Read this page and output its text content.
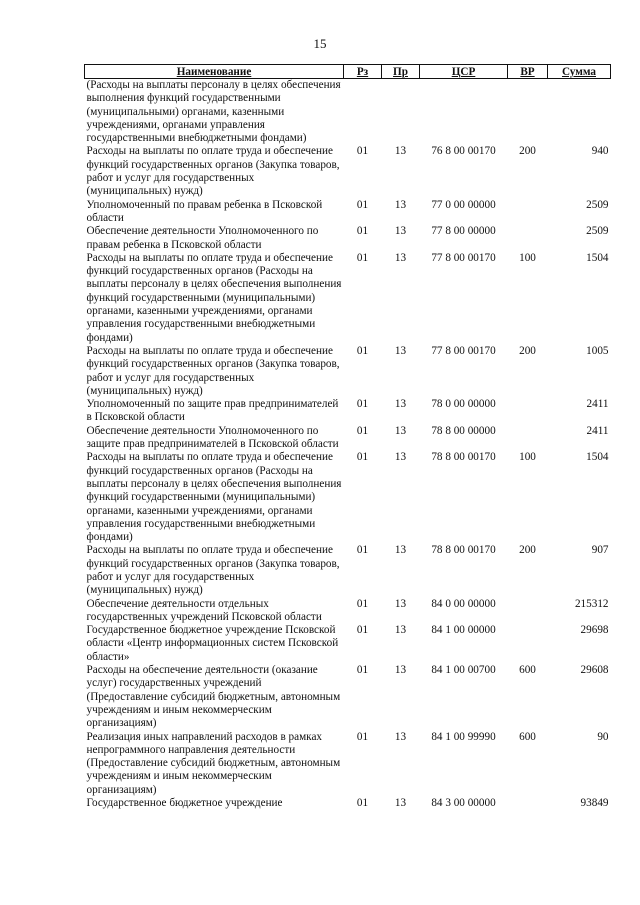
15
Наименование	Рз	Пр	ЦСР	ВР	Сумма
(Расходы на выплаты персоналу в целях обеспечения выполнения функций государственными (муниципальными) органами, казенными учреждениями, органами управления государственными внебюджетными фондами)					
Расходы на выплаты по оплате труда и обеспечение функций государственных органов (Закупка товаров, работ и услуг для государственных (муниципальных) нужд)	01	13	76 8 00 00170	200	940
Уполномоченный по правам ребенка в Псковской области	01	13	77 0 00 00000		2509
Обеспечение деятельности Уполномоченного по правам ребенка в Псковской области	01	13	77 8 00 00000		2509
Расходы на выплаты по оплате труда и обеспечение функций государственных органов (Расходы на выплаты персоналу в целях обеспечения выполнения функций государственными (муниципальными) органами, казенными учреждениями, органами управления государственными внебюджетными фондами)	01	13	77 8 00 00170	100	1504
Расходы на выплаты по оплате труда и обеспечение функций государственных органов (Закупка товаров, работ и услуг для государственных (муниципальных) нужд)	01	13	77 8 00 00170	200	1005
Уполномоченный по защите прав предпринимателей в Псковской области	01	13	78 0 00 00000		2411
Обеспечение деятельности Уполномоченного по защите прав предпринимателей в Псковской области	01	13	78 8 00 00000		2411
Расходы на выплаты по оплате труда и обеспечение функций государственных органов (Расходы на выплаты персоналу в целях обеспечения выполнения функций государственными (муниципальными) органами, казенными учреждениями, органами управления государственными внебюджетными фондами)	01	13	78 8 00 00170	100	1504
Расходы на выплаты по оплате труда и обеспечение функций государственных органов (Закупка товаров, работ и услуг для государственных (муниципальных) нужд)	01	13	78 8 00 00170	200	907
Обеспечение деятельности отдельных государственных учреждений Псковской области	01	13	84 0 00 00000		215312
Государственное бюджетное учреждение Псковской области «Центр информационных систем Псковской области»	01	13	84 1 00 00000		29698
Расходы на обеспечение деятельности (оказание услуг) государственных учреждений (Предоставление субсидий бюджетным, автономным учреждениям и иным некоммерческим организациям)	01	13	84 1 00 00700	600	29608
Реализация иных направлений расходов в рамках непрограммного направления деятельности (Предоставление субсидий бюджетным, автономным учреждениям и иным некоммерческим организациям)	01	13	84 1 00 99990	600	90
Государственное бюджетное учреждение	01	13	84 3 00 00000		93849
